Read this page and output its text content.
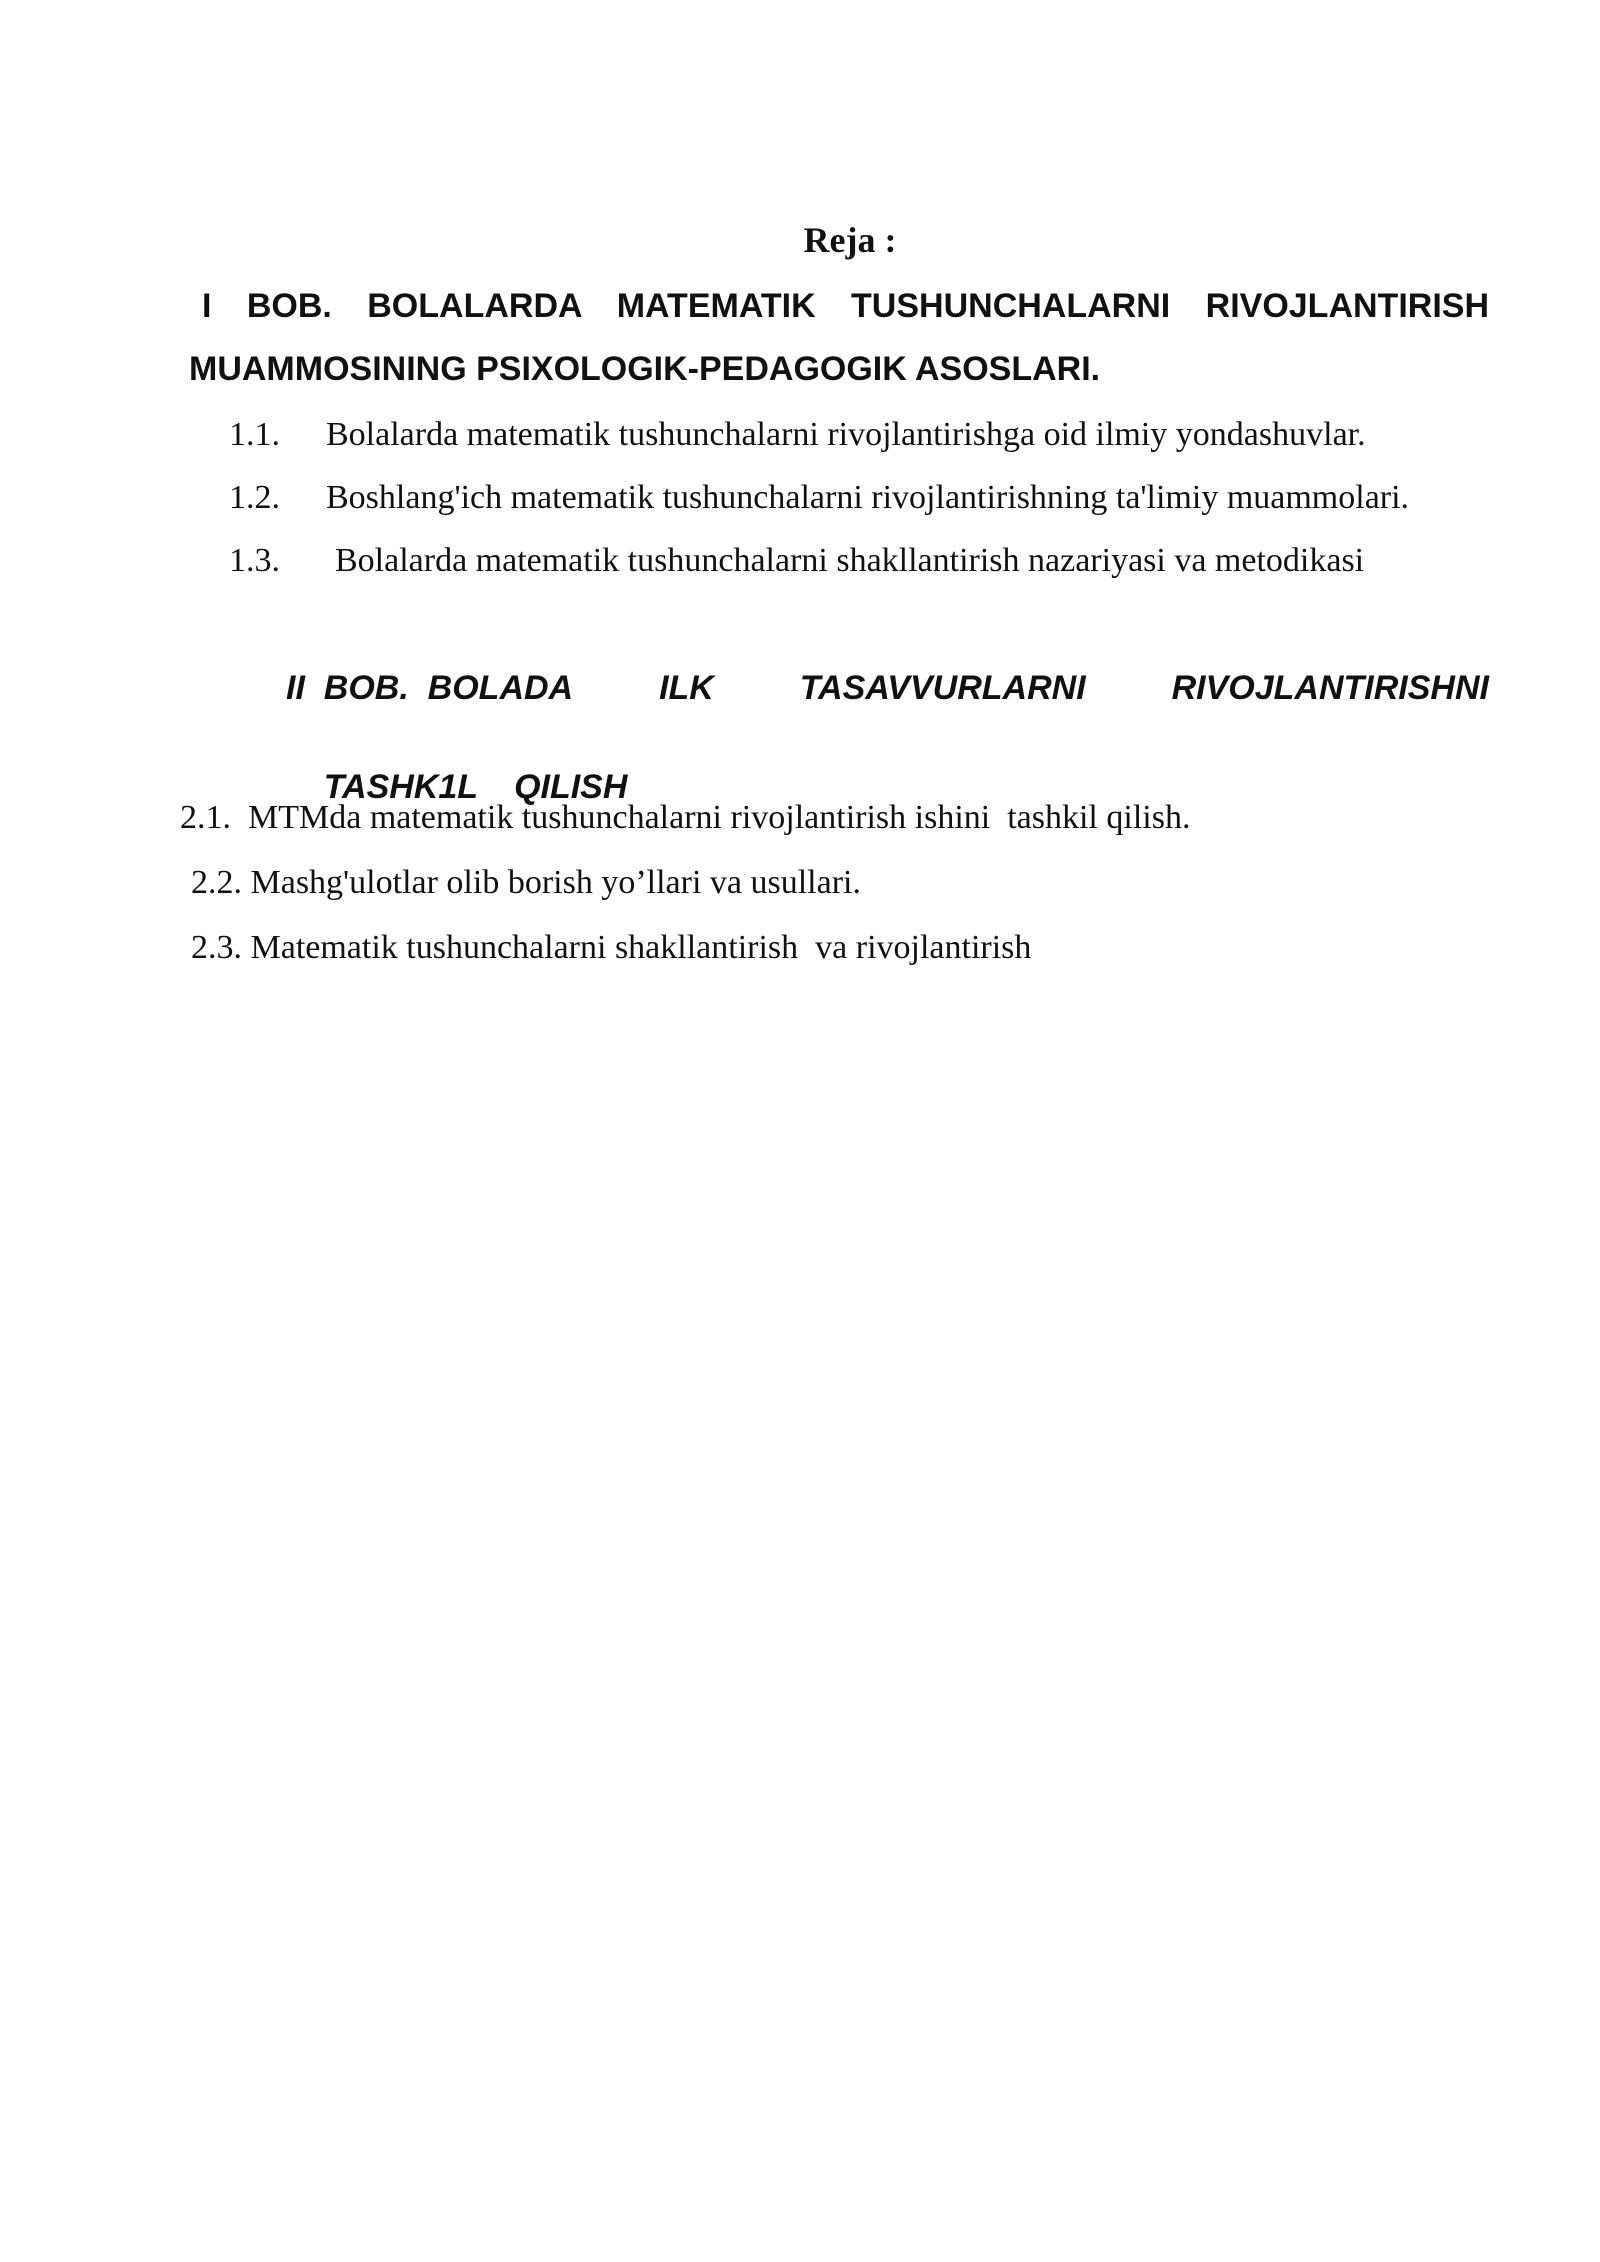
Reja :
I BOB. BOLALARDA MATEMATIK TUSHUNCHALARNI RIVOJLANTIRISH
MUAMMOSINING PSIXOLOGIK-PEDAGOGIK ASOSLARI.
1.1. Bolalarda matematik tushunchalarni rivojlantirishga oid ilmiy yondashuvlar.
1.2. Boshlang'ich matematik tushunchalarni rivojlantirishning ta'limiy muammolari.
1.3. Bolalarda matematik tushunchalarni shakllantirish nazariyasi va metodikasi
II  BOB.  BOLADA	ILK	TASAVVURLARNI	RIVOJLANTIRISHNI

TASHK1L QILISH

2.1.  MTMda matematik tushunchalarni rivojlantirish ishini  tashkil qilish.
2.2. Mashg'ulotlar olib borish yo’llari va usullari.
2.3. Matematik tushunchalarni shakllantirish  va rivojlantirish
